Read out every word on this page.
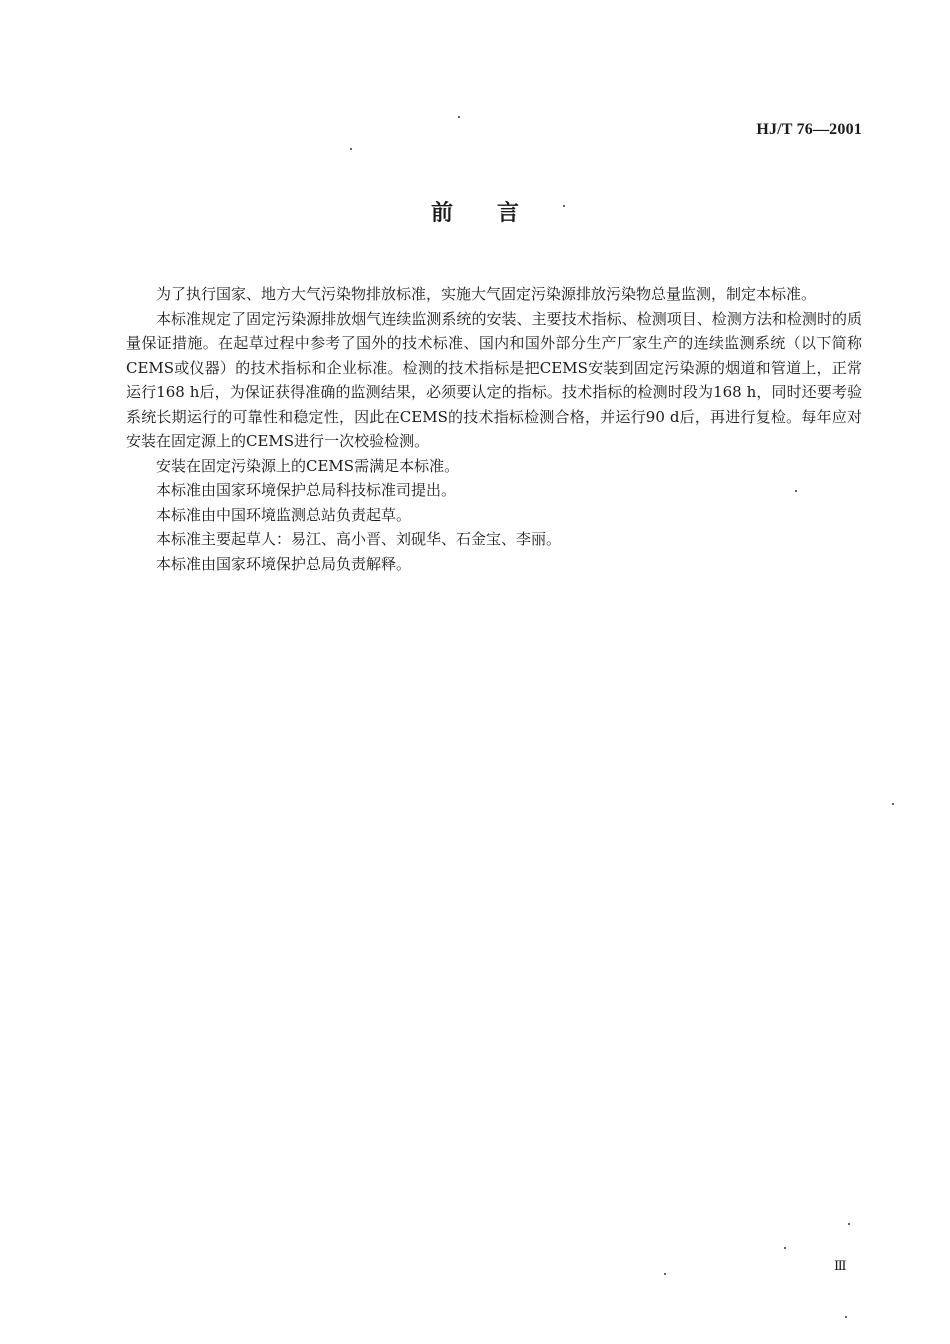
HJ/T 76—2001
前言

为了执行国家、地方大气污染物排放标准，实施大气固定污染源排放污染物总量监测，制定本标准。

本标准规定了固定污染源排放烟气连续监测系统的安装、主要技术指标、检测项目、检测方法和检测时的质量保证措施。在起草过程中参考了国外的技术标准、国内和国外部分生产厂家生产的连续监测系统（以下简称CEMS或仪器）的技术指标和企业标准。检测的技术指标是把CEMS安装到固定污染源的烟道和管道上，正常运行168 h后，为保证获得准确的监测结果，必须要认定的指标。技术指标的检测时段为168 h，同时还要考验系统长期运行的可靠性和稳定性，因此在CEMS的技术指标检测合格，并运行90 d后，再进行复检。每年应对安装在固定源上的CEMS进行一次校验检测。

安装在固定污染源上的CEMS需满足本标准。

本标准由国家环境保护总局科技标准司提出。

本标准由中国环境监测总站负责起草。

本标准主要起草人：易江、高小晋、刘砚华、石金宝、李丽。

本标准由国家环境保护总局负责解释。

Ⅲ
